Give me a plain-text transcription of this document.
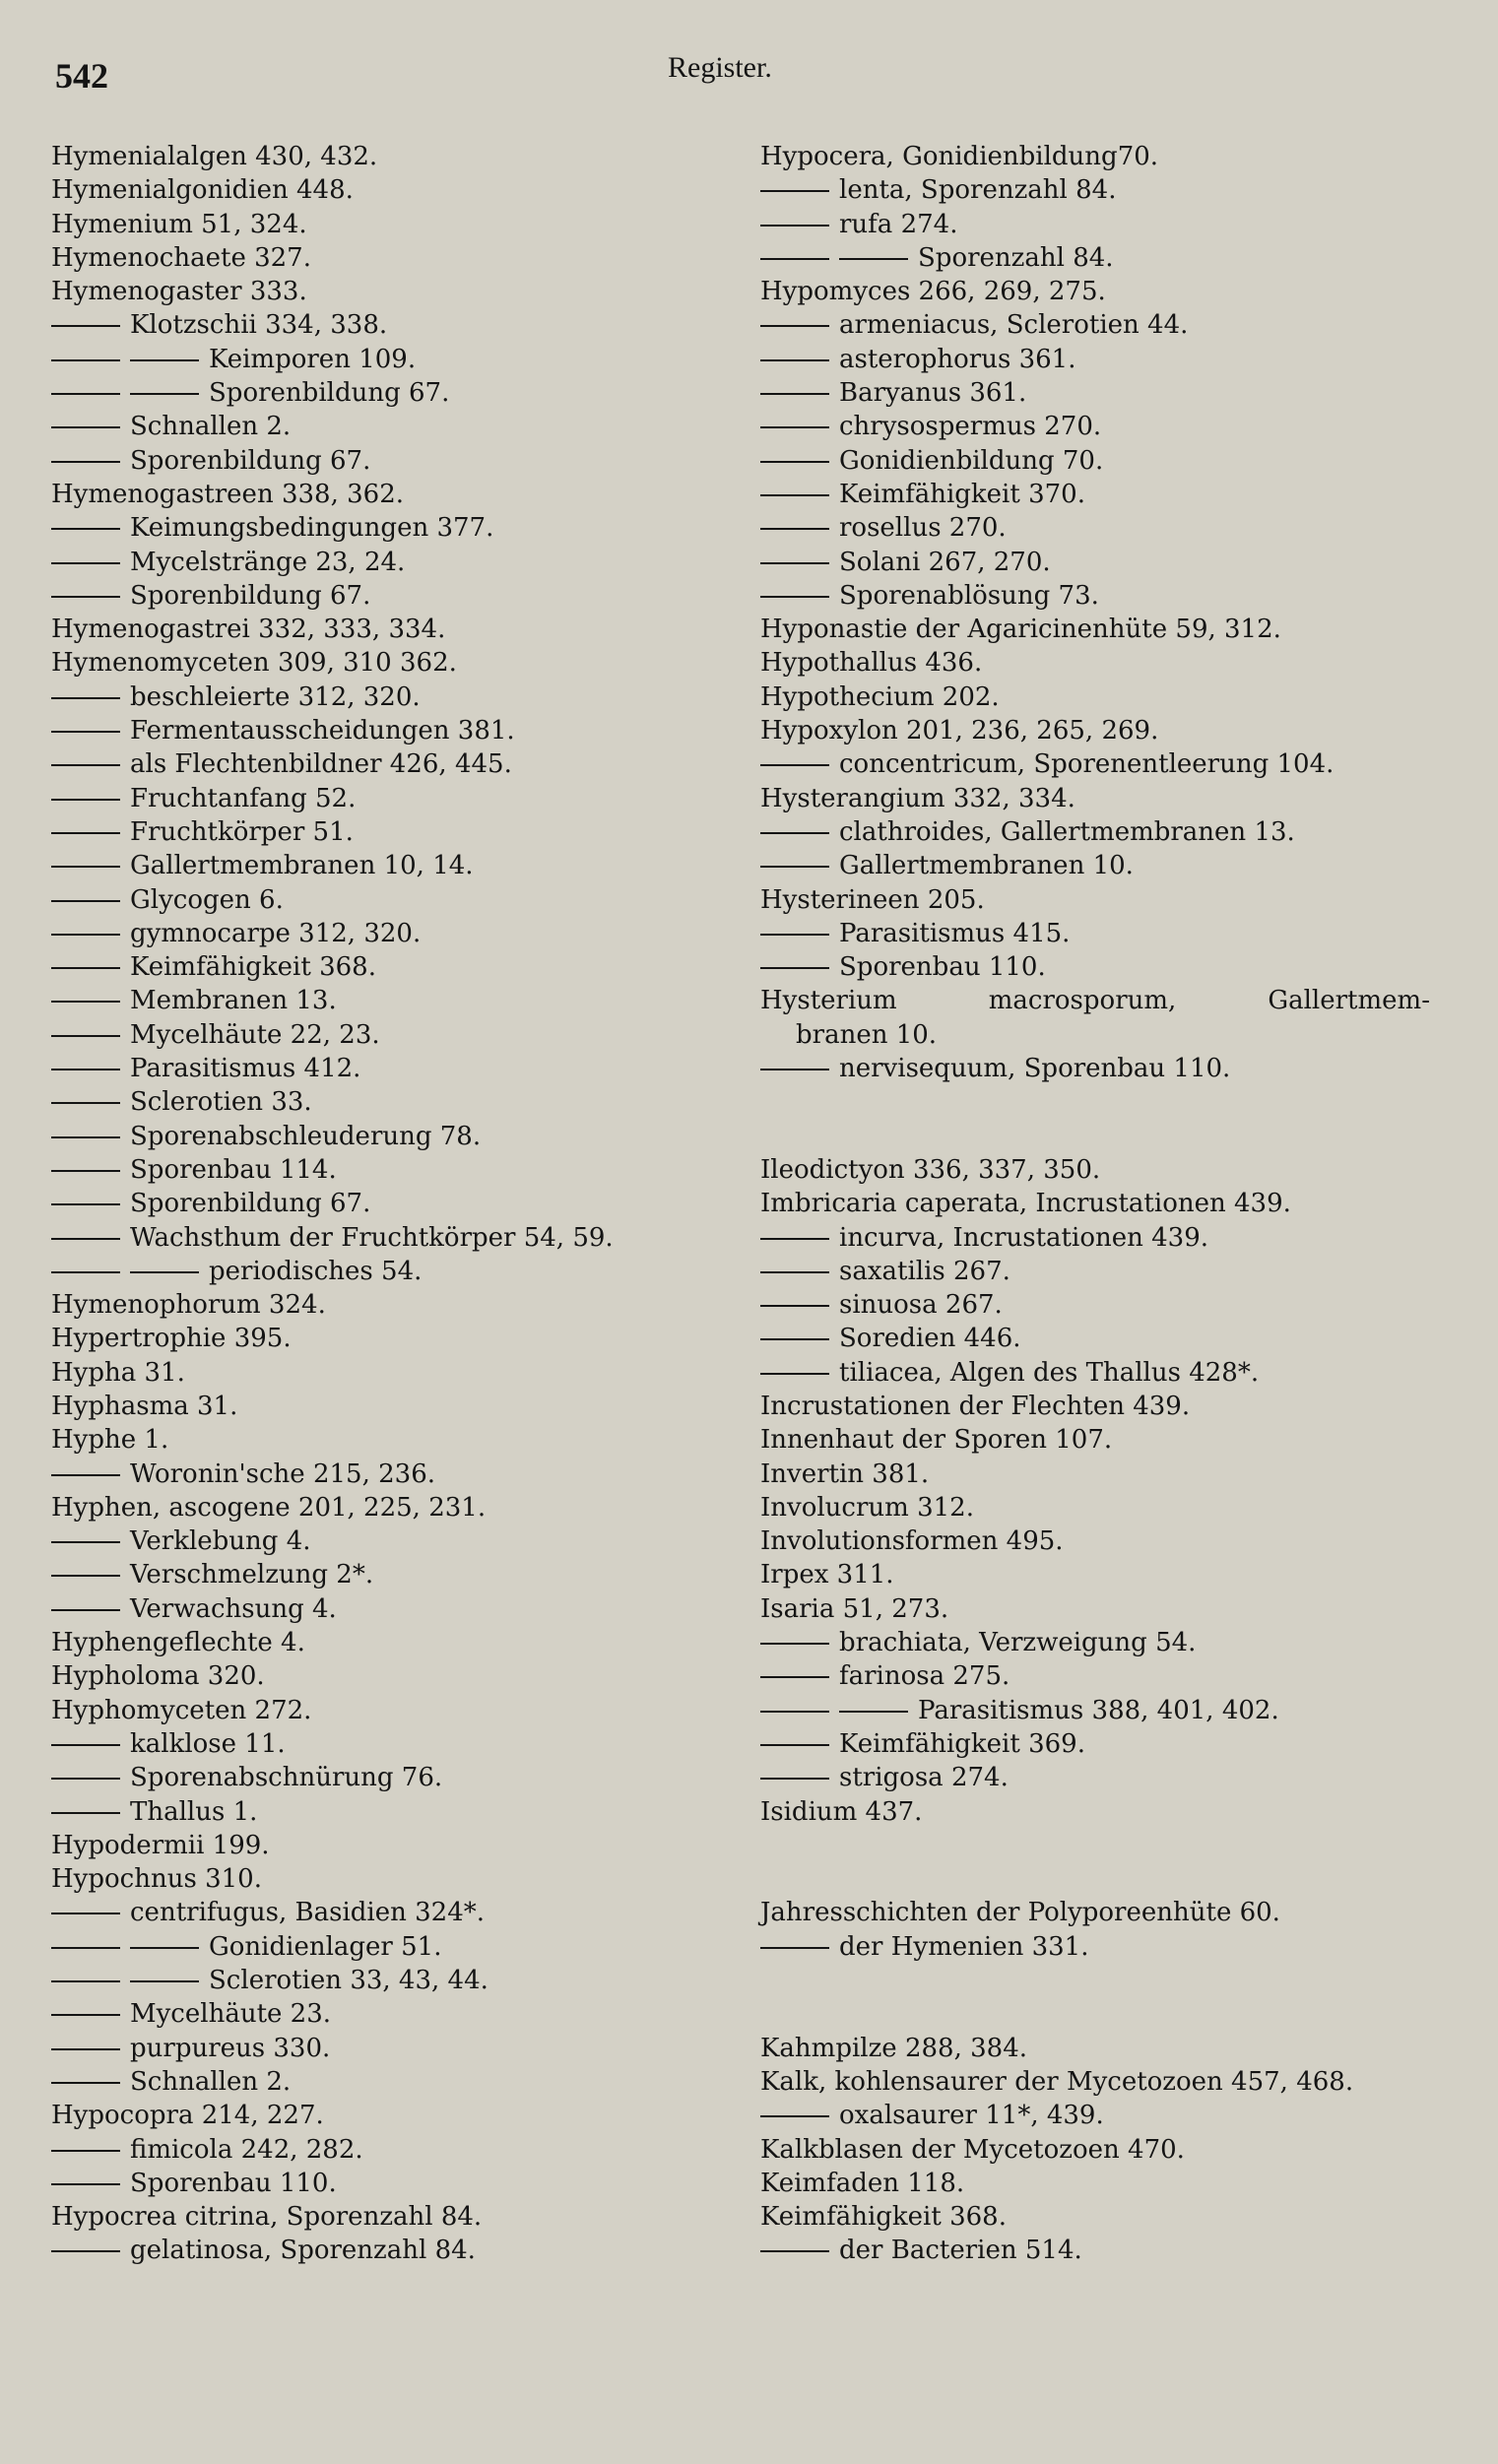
542	Register.
Hymenialalgen 430, 432.
Hymenialgonidien 448.
Hymenium 51, 324.
Hymenochaete 327.
Hymenogaster 333.
Klotzschii 334, 338.
Keimporen 109.
Sporenbildung 67.
Schnallen 2.
Sporenbildung 67.
Hymenogastreen 338, 362.
Keimungsbedingungen 377.
Mycelstränge 23, 24.
Sporenbildung 67.
Hymenogastrei 332, 333, 334.
Hymenomyceten 309, 310 362.
beschleierte 312, 320.
Fermentausscheidungen 381.
als Flechtenbildner 426, 445.
Fruchtanfang 52.
Fruchtkörper 51.
Gallertmembranen 10, 14.
Glycogen 6.
gymnocarpe 312, 320.
Keimfähigkeit 368.
Membranen 13.
Mycelhäute 22, 23.
Parasitismus 412.
Sclerotien 33.
Sporenabschleuderung 78.
Sporenbau 114.
Sporenbildung 67.
Wachsthum der Fruchtkörper 54, 59.
periodisches 54.
Hymenophorum 324.
Hypertrophie 395.
Hypha 31.
Hyphasma 31.
Hyphe 1.
Woronin'sche 215, 236.
Hyphen, ascogene 201, 225, 231.
Verklebung 4.
Verschmelzung 2*.
Verwachsung 4.
Hyphengeflechte 4.
Hypholoma 320.
Hyphomyceten 272.
kalklose 11.
Sporenabschnürung 76.
Thallus 1.
Hypodermii 199.
Hypochnus 310.
centrifugus, Basidien 324*.
Gonidienlager 51.
Sclerotien 33, 43, 44.
Mycelhäute 23.
purpureus 330.
Schnallen 2.
Hypocopra 214, 227.
fimicola 242, 282.
Sporenbau 110.
Hypocrea citrina, Sporenzahl 84.
gelatinosa, Sporenzahl 84.
Hypocera, Gonidienbildung70.
lenta, Sporenzahl 84.
rufa 274.
Sporenzahl 84.
Hypomyces 266, 269, 275.
armeniacus, Sclerotien 44.
asterophorus 361.
Baryanus 361.
chrysospermus 270.
Gonidienbildung 70.
Keimfähigkeit 370.
rosellus 270.
Solani 267, 270.
Sporenablösung 73.
Hyponastie der Agaricinenhüte 59, 312.
Hypothallus 436.
Hypothecium 202.
Hypoxylon 201, 236, 265, 269.
concentricum, Sporenentleerung 104.
Hysterangium 332, 334.
clathroides, Gallertmembranen 13.
Gallertmembranen 10.
Hysterineen 205.
Parasitismus 415.
Sporenbau 110.
Hysterium	macrosporum,	Gallertmem-
branen 10.
nervisequum, Sporenbau 110.
Ileodictyon 336, 337, 350.
Imbricaria caperata, Incrustationen 439.
incurva, Incrustationen 439.
saxatilis 267.
sinuosa 267.
Soredien 446.
tiliacea, Algen des Thallus 428*.
Incrustationen der Flechten 439.
Innenhaut der Sporen 107.
Invertin 381.
Involucrum 312.
Involutionsformen 495.
Irpex 311.
Isaria 51, 273.
brachiata, Verzweigung 54.
farinosa 275.
Parasitismus 388, 401, 402.
Keimfähigkeit 369.
strigosa 274.
Isidium 437.
Jahresschichten der Polyporeenhüte 60.
der Hymenien 331.
Kahmpilze 288, 384.
Kalk, kohlensaurer der Mycetozoen 457, 468.
oxalsaurer 11*, 439.
Kalkblasen der Mycetozoen 470.
Keimfaden 118.
Keimfähigkeit 368.
der Bacterien 514.
